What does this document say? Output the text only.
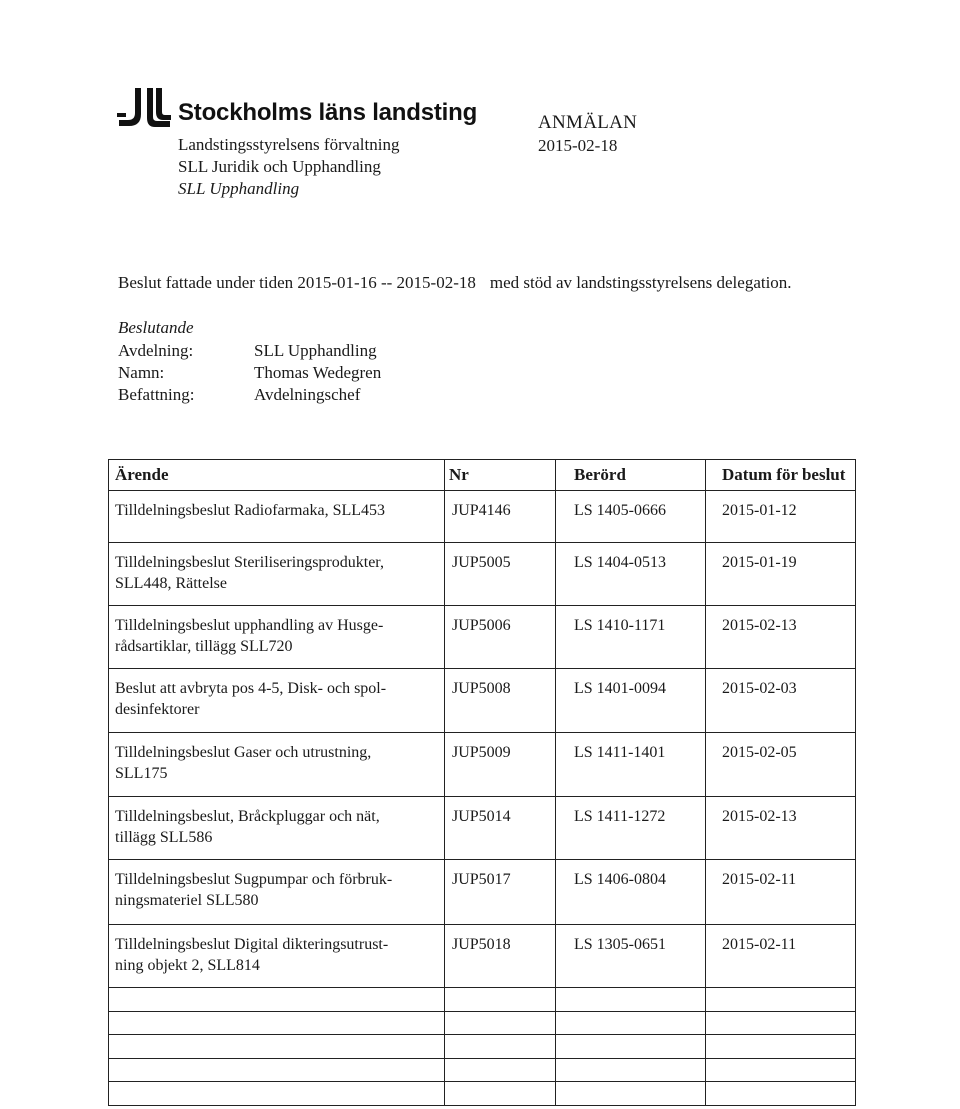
Stockholms läns landsting
Landstingsstyrelsens förvaltning
SLL Juridik och Upphandling
SLL Upphandling
ANMÄLAN
2015-02-18
Beslut fattade under tiden 2015-01-16 -- 2015-02-18 med stöd av landstingsstyrelsens delegation.
Beslutande
Avdelning:	SLL Upphandling
Namn:	Thomas Wedegren
Befattning:	Avdelningschef
Ärende	Nr	Berörd	Datum för beslut

Tilldelningsbeslut Radiofarmaka, SLL453	JUP4146	LS 1405-0666	2015-01-12

Tilldelningsbeslut Steriliseringsprodukter,
SLL448, Rättelse	JUP5005	LS 1404-0513	2015-01-19

Tilldelningsbeslut upphandling av Husge-
rådsartiklar, tillägg SLL720	JUP5006	LS 1410-1171	2015-02-13

Beslut att avbryta pos 4-5, Disk- och spol-
desinfektorer	JUP5008	LS 1401-0094	2015-02-03

Tilldelningsbeslut Gaser och utrustning,
SLL175	JUP5009	LS 1411-1401	2015-02-05

Tilldelningsbeslut, Bråckpluggar och nät,
tillägg SLL586	JUP5014	LS 1411-1272	2015-02-13

Tilldelningsbeslut Sugpumpar och förbruk-
ningsmateriel SLL580	JUP5017	LS 1406-0804	2015-02-11

Tilldelningsbeslut Digital dikteringsutrust-
ning objekt 2, SLL814	JUP5018	LS 1305-0651	2015-02-11
